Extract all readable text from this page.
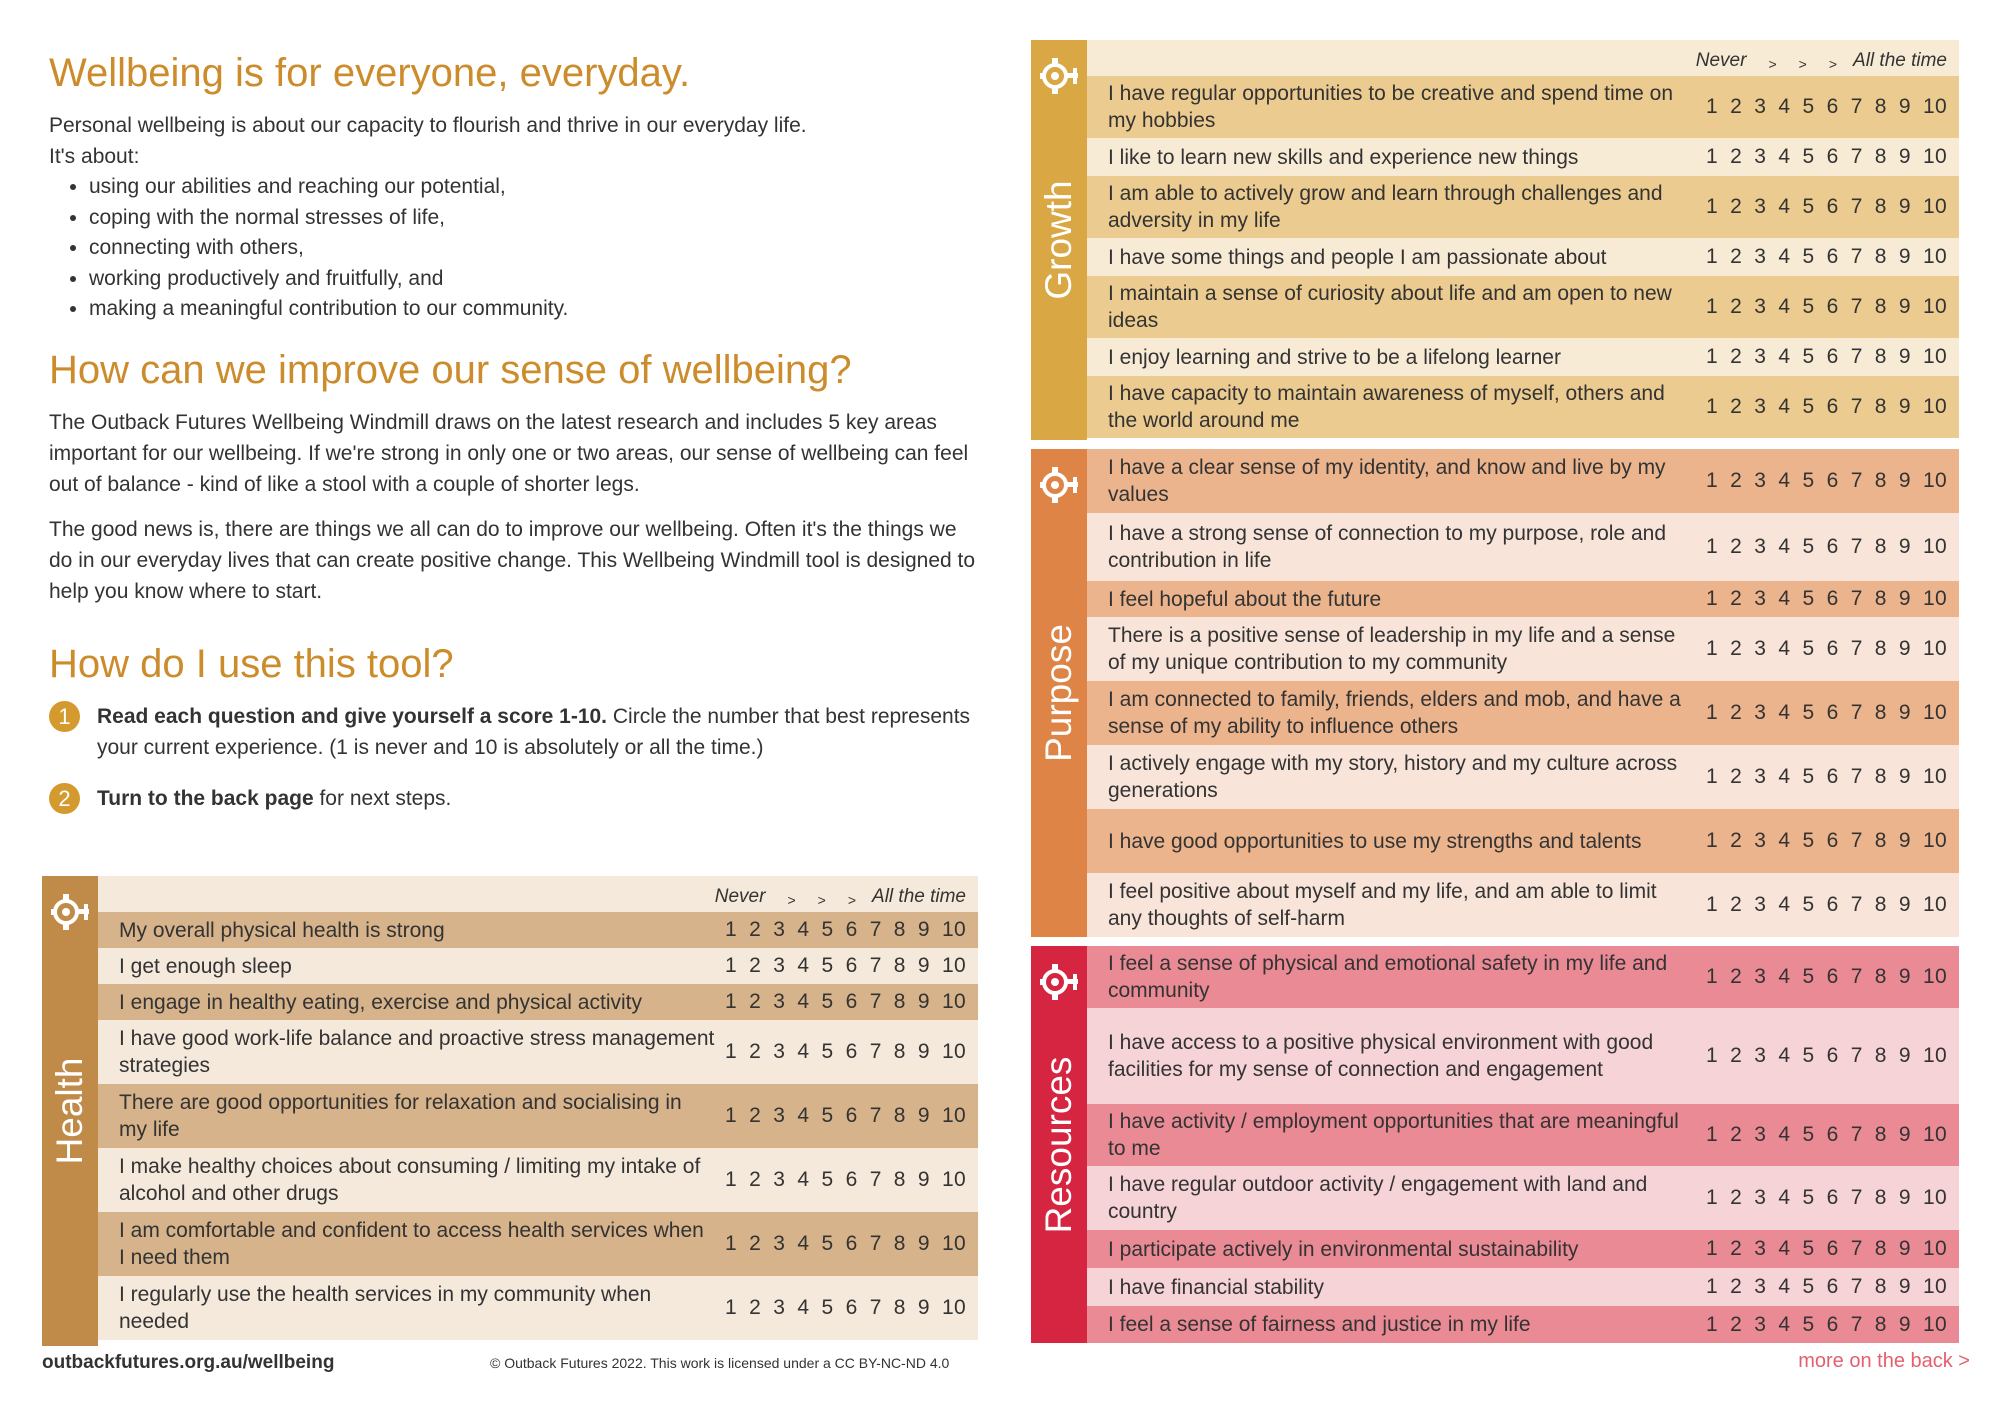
Wellbeing is for everyone, everyday.

Personal wellbeing is about our capacity to flourish and thrive in our everyday life.

It's about:

• using our abilities and reaching our potential,
• coping with the normal stresses of life,
• connecting with others,
• working productively and fruitfully, and
• making a meaningful contribution to our community.
How can we improve our sense of wellbeing?

The Outback Futures Wellbeing Windmill draws on the latest research and includes 5 key areas important for our wellbeing. If we're strong in only one or two areas, our sense of wellbeing can feel out of balance - kind of like a stool with a couple of shorter legs.

The good news is, there are things we all can do to improve our wellbeing. Often it's the things we do in our everyday lives that can create positive change. This Wellbeing Windmill tool is designed to help you know where to start.

How do I use this tool?
1	Read each question and give yourself a score 1-10. Circle the number that best represents your current experience. (1 is never and 10 is absolutely or all the time.)
2	Turn to the back page for next steps.
Health
Never > > > All the time
My overall physical health is strong	1 2 3 4 5 6 7 8 9 10
I get enough sleep	1 2 3 4 5 6 7 8 9 10
I engage in healthy eating, exercise and physical activity	1 2 3 4 5 6 7 8 9 10
I have good work-life balance and proactive stress management strategies
1 2 3 4 5 6 7 8 9 10
There are good opportunities for relaxation and socialising in my life
1 2 3 4 5 6 7 8 9 10
I make healthy choices about consuming / limiting my intake of alcohol and other drugs
1 2 3 4 5 6 7 8 9 10
I am comfortable and confident to access health services when I need them
1 2 3 4 5 6 7 8 9 10
I regularly use the health services in my community when needed
1 2 3 4 5 6 7 8 9 10
Growth
Never > > > All the time
I have regular opportunities to be creative and spend time on my hobbies
1 2 3 4 5 6 7 8 9 10
I like to learn new skills and experience new things	1 2 3 4 5 6 7 8 9 10
I am able to actively grow and learn through challenges and adversity in my life
1 2 3 4 5 6 7 8 9 10
I have some things and people I am passionate about	1 2 3 4 5 6 7 8 9 10
I maintain a sense of curiosity about life and am open to new ideas
1 2 3 4 5 6 7 8 9 10
I enjoy learning and strive to be a lifelong learner	1 2 3 4 5 6 7 8 9 10
I have capacity to maintain awareness of myself, others and the world around me
1 2 3 4 5 6 7 8 9 10
Purpose
I have a clear sense of my identity, and know and live by my values
1 2 3 4 5 6 7 8 9 10
I have a strong sense of connection to my purpose, role and contribution in life
1 2 3 4 5 6 7 8 9 10
I feel hopeful about the future	1 2 3 4 5 6 7 8 9 10
There is a positive sense of leadership in my life and a sense of my unique contribution to my community
1 2 3 4 5 6 7 8 9 10
I am connected to family, friends, elders and mob, and have a sense of my ability to influence others
1 2 3 4 5 6 7 8 9 10
I actively engage with my story, history and my culture across generations
1 2 3 4 5 6 7 8 9 10
I have good opportunities to use my strengths and talents	1 2 3 4 5 6 7 8 9 10
I feel positive about myself and my life, and am able to limit any thoughts of self-harm
1 2 3 4 5 6 7 8 9 10
Resources
I feel a sense of physical and emotional safety in my life and community
1 2 3 4 5 6 7 8 9 10
I have access to a positive physical environment with good facilities for my sense of connection and engagement
1 2 3 4 5 6 7 8 9 10
I have activity / employment opportunities that are meaningful to me
1 2 3 4 5 6 7 8 9 10
I have regular outdoor activity / engagement with land and country
1 2 3 4 5 6 7 8 9 10
I participate actively in environmental sustainability	1 2 3 4 5 6 7 8 9 10
I have financial stability	1 2 3 4 5 6 7 8 9 10
I feel a sense of fairness and justice in my life	1 2 3 4 5 6 7 8 9 10
outbackfutures.org.au/wellbeing	© Outback Futures 2022. This work is licensed under a CC BY-NC-ND 4.0	more on the back >
